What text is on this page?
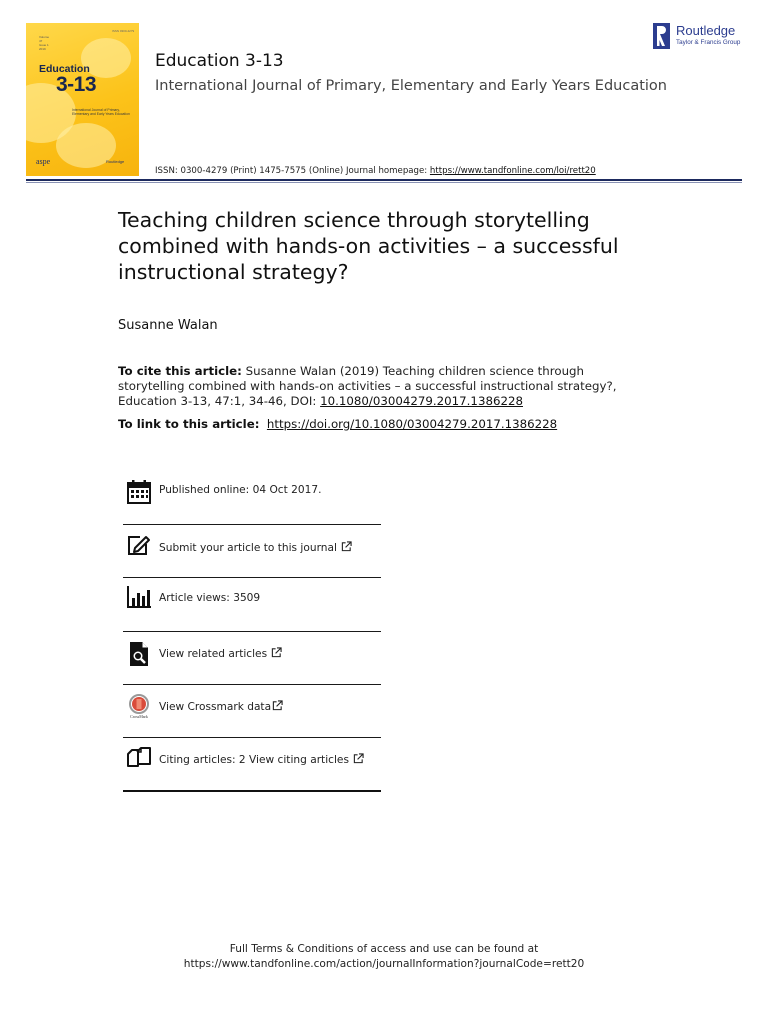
Volume 47 Issue 1 2019
ISSN 0300-4279
Education
3-13
International Journal of Primary, Elementary and Early Years Education
aspe	Routledge
Education 3-13
International Journal of Primary, Elementary and Early Years Education
Routledge
Taylor & Francis Group
ISSN: 0300-4279 (Print) 1475-7575 (Online) Journal homepage: https://www.tandfonline.com/loi/rett20
Teaching children science through storytelling combined with hands-on activities – a successful instructional strategy?
Susanne Walan

To cite this article: Susanne Walan (2019) Teaching children science through storytelling combined with hands-on activities – a successful instructional strategy?, Education 3-13, 47:1, 34-46, DOI: 10.1080/03004279.2017.1386228

To link to this article: https://doi.org/10.1080/03004279.2017.1386228
Published online: 04 Oct 2017.
Submit your article to this journal
Article views: 3509
View related articles
CrossMark
View Crossmark data
Citing articles: 2 View citing articles
Full Terms & Conditions of access and use can be found at
https://www.tandfonline.com/action/journalInformation?journalCode=rett20
